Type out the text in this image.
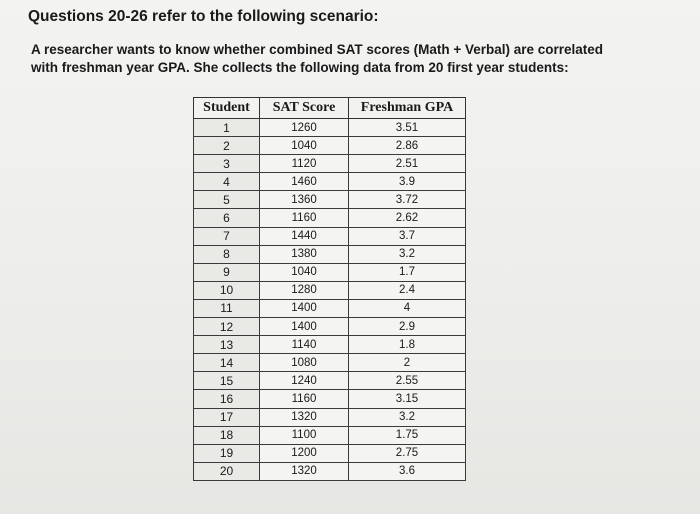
Questions 20-26 refer to the following scenario:
A researcher wants to know whether combined SAT scores (Math + Verbal) are correlated
with freshman year GPA. She collects the following data from 20 first year students:
Student	SAT Score	Freshman GPA
1	1260	3.51
2	1040	2.86
3	1120	2.51
4	1460	3.9
5	1360	3.72
6	1160	2.62
7	1440	3.7
8	1380	3.2
9	1040	1.7
10	1280	2.4
11	1400	4
12	1400	2.9
13	1140	1.8
14	1080	2
15	1240	2.55
16	1160	3.15
17	1320	3.2
18	1100	1.75
19	1200	2.75
20	1320	3.6
